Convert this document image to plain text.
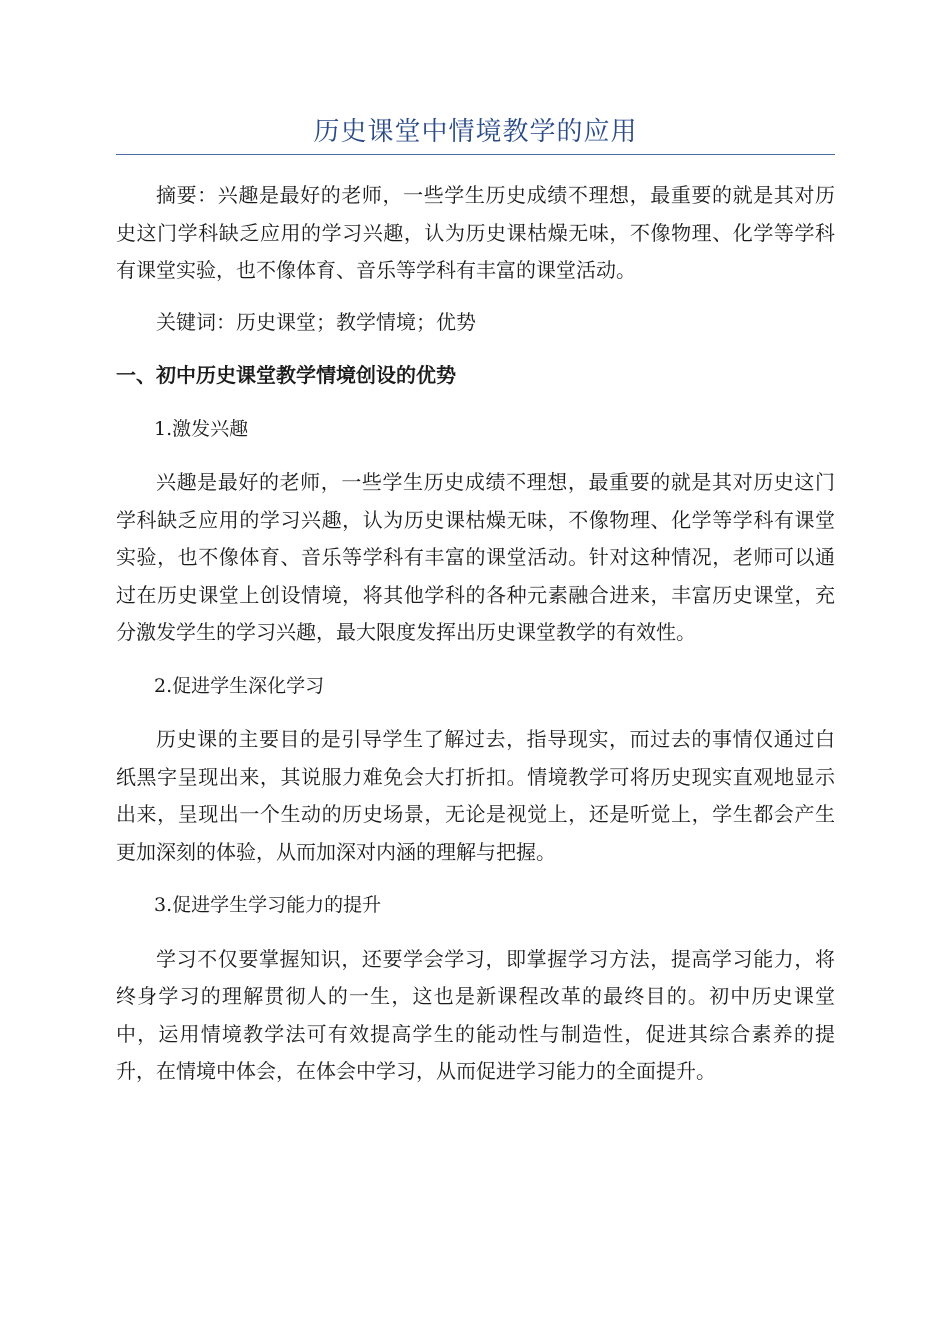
历史课堂中情境教学的应用

摘要：兴趣是最好的老师，一些学生历史成绩不理想，最重要的就是其对历史这门学科缺乏应用的学习兴趣，认为历史课枯燥无味，不像物理、化学等学科有课堂实验，也不像体育、音乐等学科有丰富的课堂活动。

关键词：历史课堂；教学情境；优势

一、初中历史课堂教学情境创设的优势

1.激发兴趣

兴趣是最好的老师，一些学生历史成绩不理想，最重要的就是其对历史这门学科缺乏应用的学习兴趣，认为历史课枯燥无味，不像物理、化学等学科有课堂实验，也不像体育、音乐等学科有丰富的课堂活动。针对这种情况，老师可以通过在历史课堂上创设情境，将其他学科的各种元素融合进来，丰富历史课堂，充分激发学生的学习兴趣，最大限度发挥出历史课堂教学的有效性。

2.促进学生深化学习

历史课的主要目的是引导学生了解过去，指导现实，而过去的事情仅通过白纸黑字呈现出来，其说服力难免会大打折扣。情境教学可将历史现实直观地显示出来，呈现出一个生动的历史场景，无论是视觉上，还是听觉上，学生都会产生更加深刻的体验，从而加深对内涵的理解与把握。

3.促进学生学习能力的提升

学习不仅要掌握知识，还要学会学习，即掌握学习方法，提高学习能力，将终身学习的理解贯彻人的一生，这也是新课程改革的最终目的。初中历史课堂中，运用情境教学法可有效提高学生的能动性与制造性，促进其综合素养的提升，在情境中体会，在体会中学习，从而促进学习能力的全面提升。
